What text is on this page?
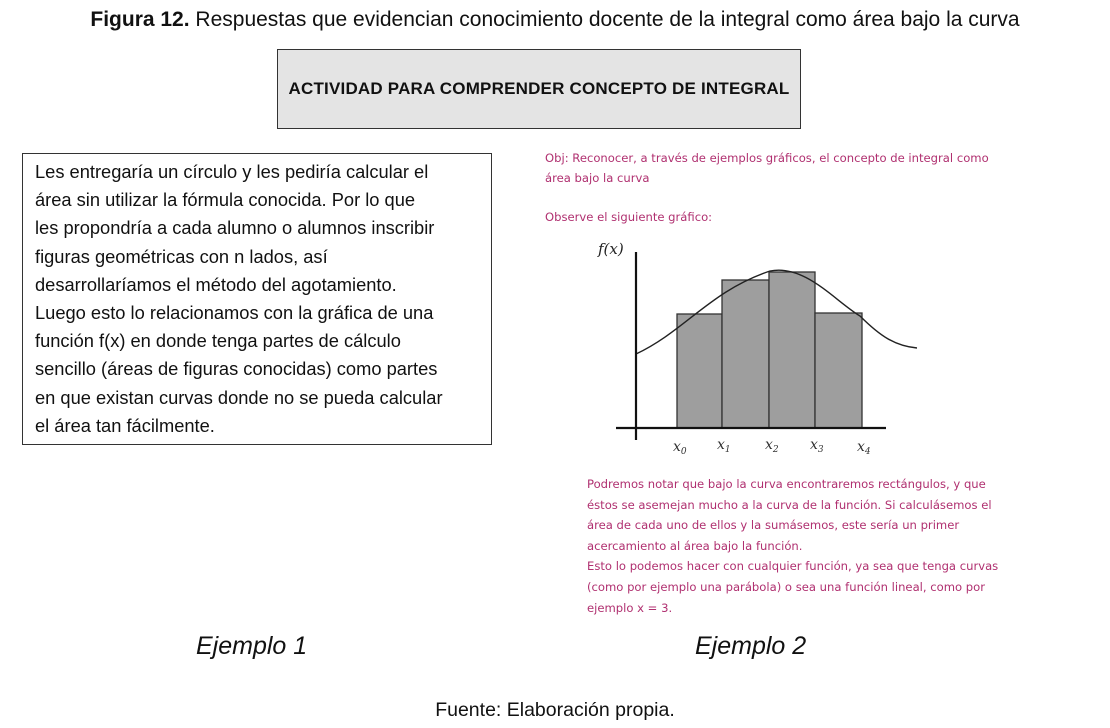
Figura 12. Respuestas que evidencian conocimiento docente de la integral como área bajo la curva
ACTIVIDAD PARA COMPRENDER CONCEPTO DE INTEGRAL
Les entregaría un círculo y les pediría calcular el
área sin utilizar la fórmula conocida. Por lo que
les propondría a cada alumno o alumnos inscribir
figuras geométricas con n lados, así
desarrollaríamos el método del agotamiento.
Luego esto lo relacionamos con la gráfica de una
función f(x) en donde tenga partes de cálculo
sencillo (áreas de figuras conocidas) como partes
en que existan curvas donde no se pueda calcular
el área tan fácilmente.
Obj: Reconocer, a través de ejemplos gráficos, el concepto de integral como
área bajo la curva
Observe el siguiente gráfico:
f(x)
$x_0$ $x_1$ $x_2$ $x_3$ $x_4$
Podremos notar que bajo la curva encontraremos rectángulos, y que
éstos se asemejan mucho a la curva de la función. Si calculásemos el
área de cada uno de ellos y la sumásemos, este sería un primer
acercamiento al área bajo la función.
Esto lo podemos hacer con cualquier función, ya sea que tenga curvas
(como por ejemplo una parábola) o sea una función lineal, como por
ejemplo x = 3.
Ejemplo 1	Ejemplo 2
Fuente: Elaboración propia.
